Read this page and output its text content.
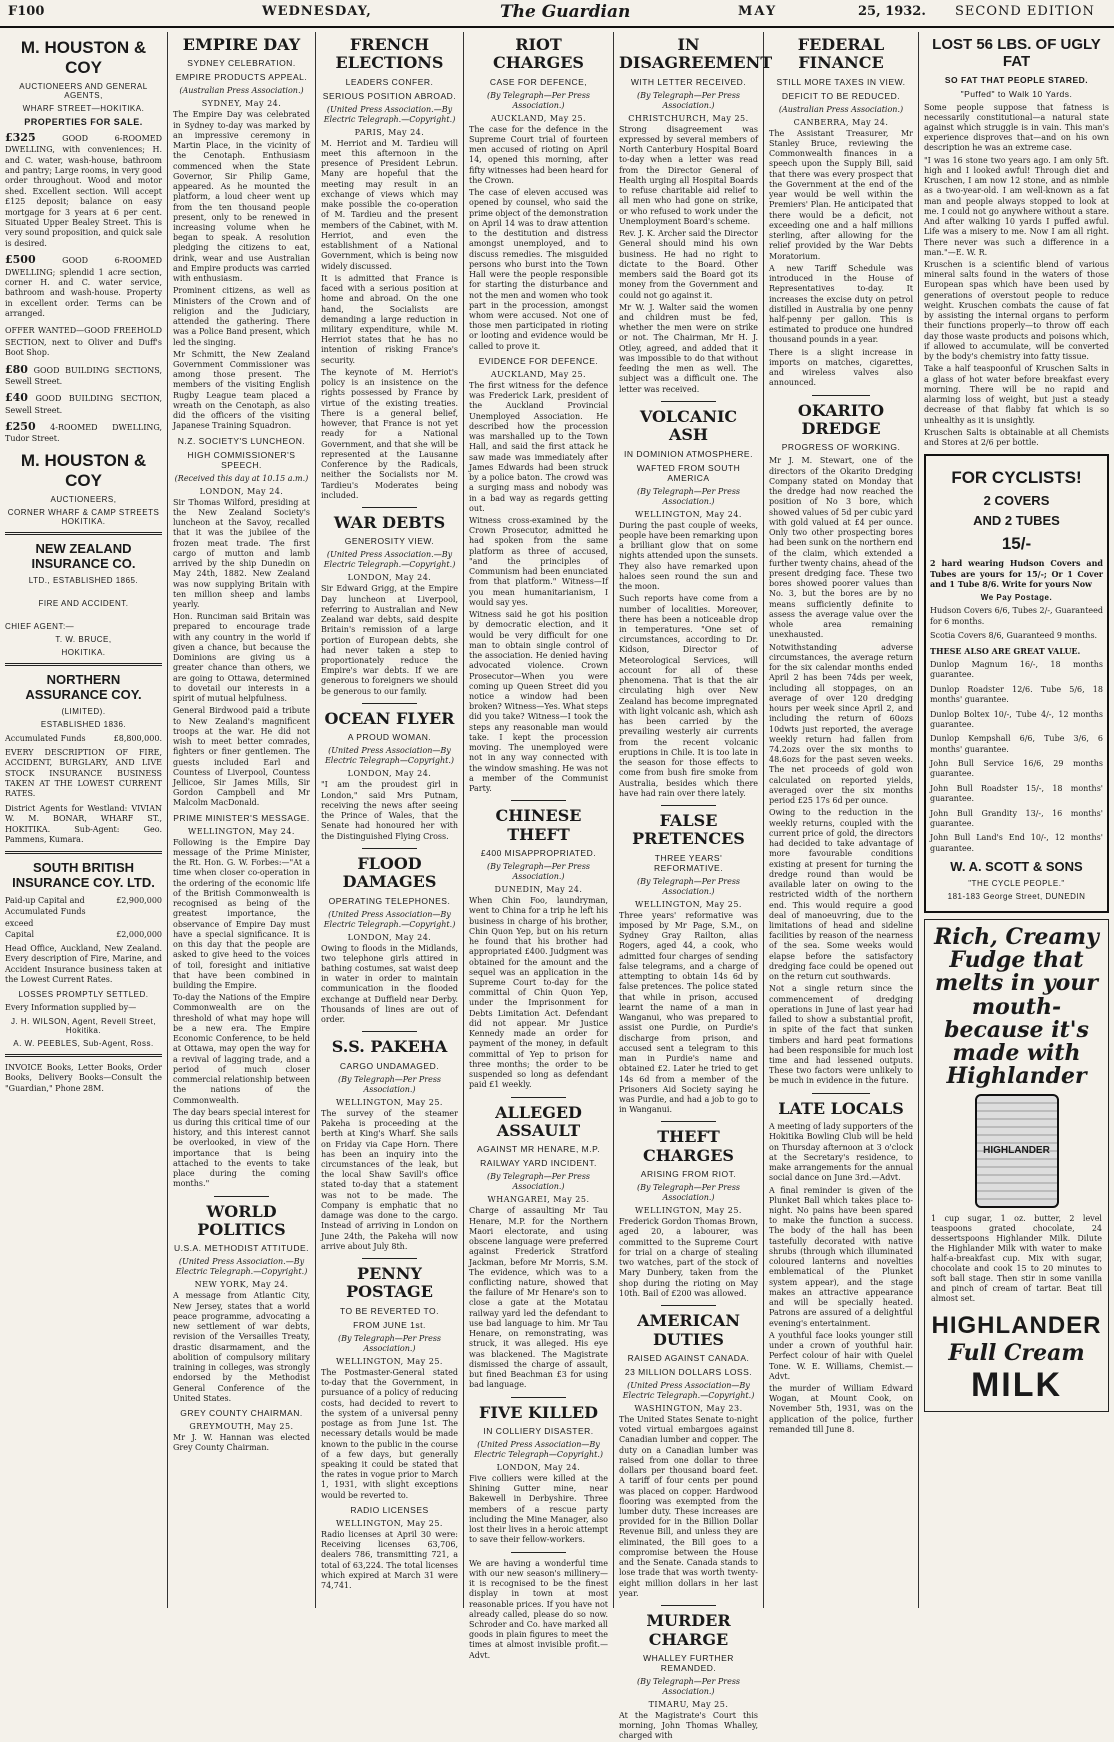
F100	WEDNESDAY,	The Guardian	MAY	25, 1932. SECOND EDITION
M. HOUSTON & COY
AUCTIONEERS AND GENERAL AGENTS,
WHARF STREET—HOKITIKA.
PROPERTIES FOR SALE.
£325	GOOD 6-ROOMED DWELLING, with conveniences; H. and C. water, wash-house, bathroom and pantry; Large rooms, in very good order throughout. Wood and motor shed. Excellent section. Will accept £125 deposit; balance on easy mortgage for 3 years at 6 per cent. Situated Upper Bealey Street. This is very sound proposition, and quick sale is desired.
£500	GOOD 6-ROOMED DWELLING; splendid 1 acre section, corner H. and C. water service, bathroom and wash-house. Property in excellent order. Terms can be arranged.
OFFER WANTED—GOOD FREEHOLD SECTION, next to Oliver and Duff's Boot Shop.
£80 GOOD BUILDING SECTIONS, Sewell Street.
£40 GOOD BUILDING SECTION, Sewell Street.
£250 4-ROOMED DWELLING, Tudor Street.
M. HOUSTON & COY
AUCTIONEERS,
CORNER WHARF & CAMP STREETS HOKITIKA.
NEW ZEALAND INSURANCE CO.
LTD., ESTABLISHED 1865.
FIRE AND ACCIDENT.
CHIEF AGENT:—
T. W. BRUCE,
HOKITIKA.
NORTHERN ASSURANCE COY.
(LIMITED).
ESTABLISHED 1836.
Accumulated Funds	£8,800,000.
EVERY DESCRIPTION OF FIRE, ACCIDENT, BURGLARY, AND LIVE STOCK INSURANCE BUSINESS TAKEN AT THE LOWEST CURRENT RATES.
District Agents for Westland: VIVIAN W. M. BONAR, WHARF ST., HOKITIKA. Sub-Agent: Geo. Pammens, Kumara.
SOUTH BRITISH INSURANCE COY. LTD.
Paid-up Capital and Accumulated Funds exceed
£2,900,000
Capital	£2,000,000
Head Office, Auckland, New Zealand. Every description of Fire, Marine, and Accident Insurance business taken at the Lowest Current Rates.
LOSSES PROMPTLY SETTLED.
Every Information supplied by—
J. H. WILSON, Agent, Revell Street, Hokitika.
A. W. PEEBLES, Sub-Agent, Ross.
INVOICE Books, Letter Books, Order Books, Delivery Books—Consult the "Guardian," Phone 28M.
EMPIRE DAY
SYDNEY CELEBRATION.
EMPIRE PRODUCTS APPEAL.
(Australian Press Association.)
SYDNEY, May 24.
The Empire Day was celebrated in Sydney to-day was marked by an impressive ceremony in Martin Place, in the vicinity of the Cenotaph. Enthusiasm commenced when the State Governor, Sir Philip Game, appeared. As he mounted the platform, a loud cheer went up from the ten thousand people present, only to be renewed in increasing volume when he began to speak. A resolution pledging the citizens to eat, drink, wear and use Australian and Empire products was carried with enthusiasm.
Prominent citizens, as well as Ministers of the Crown and of religion and the Judiciary, attended the gathering. There was a Police Band present, which led the singing.
Mr Schmitt, the New Zealand Government Commissioner was among those present. The members of the visiting English Rugby League team placed a wreath on the Cenotaph, as also did the officers of the visiting Japanese Training Squadron.
N.Z. SOCIETY'S LUNCHEON.
HIGH COMMISSIONER'S SPEECH.
(Received this day at 10.15 a.m.)
LONDON, May 24.
Sir Thomas Wilford, presiding at the New Zealand Society's luncheon at the Savoy, recalled that it was the jubilee of the frozen meat trade. The first cargo of mutton and lamb arrived by the ship Dunedin on May 24th, 1882. New Zealand was now supplying Britain with ten million sheep and lambs yearly.
Hon. Runciman said Britain was prepared to encourage trade with any country in the world if given a chance, but because the Dominions are giving us a greater chance than others, we are going to Ottawa, determined to dovetail our interests in a spirit of mutual helpfulness.
General Birdwood paid a tribute to New Zealand's magnificent troops at the war. He did not wish to meet better comrades, fighters or finer gentlemen. The guests included Earl and Countess of Liverpool, Countess Jellicoe, Sir James Mills, Sir Gordon Campbell and Mr Malcolm MacDonald.
PRIME MINISTER'S MESSAGE.
WELLINGTON, May 24.
Following is the Empire Day message of the Prime Minister, the Rt. Hon. G. W. Forbes:—"At a time when closer co-operation in the ordering of the economic life of the British Commonwealth is recognised as being of the greatest importance, the observance of Empire Day must have a special significance. It is on this day that the people are asked to give heed to the voices of toil, foresight and initiative that have been combined in building the Empire.
To-day the Nations of the Empire Commonwealth are on the threshold of what may hope will be a new era. The Empire Economic Conference, to be held at Ottawa, may open the way for a revival of lagging trade, and a period of much closer commercial relationship between the nations of the Commonwealth.
The day bears special interest for us during this critical time of our history, and this interest cannot be overlooked, in view of the importance that is being attached to the events to take place during the coming months."
WORLD POLITICS
U.S.A. METHODIST ATTITUDE.
(United Press Association.—By Electric Telegraph.—Copyright.)
NEW YORK, May 24.
A message from Atlantic City, New Jersey, states that a world peace programme, advocating a new settlement of war debts, revision of the Versailles Treaty, drastic disarmament, and the abolition of compulsory military training in colleges, was strongly endorsed by the Methodist General Conference of the United States.
GREY COUNTY CHAIRMAN.
GREYMOUTH, May 25.
Mr J. W. Hannan was elected Grey County Chairman.
FRENCH ELECTIONS
LEADERS CONFER.
SERIOUS POSITION ABROAD.
(United Press Association.—By Electric Telegraph.—Copyright.)
PARIS, May 24.
M. Herriot and M. Tardieu will meet this afternoon in the presence of President Lebrun. Many are hopeful that the meeting may result in an exchange of views which may make possible the co-operation of M. Tardieu and the present members of the Cabinet, with M. Herriot, and even the establishment of a National Government, which is being now widely discussed.
It is admitted that France is faced with a serious position at home and abroad. On the one hand, the Socialists are demanding a large reduction in military expenditure, while M. Herriot states that he has no intention of risking France's security.
The keynote of M. Herriot's policy is an insistence on the rights possessed by France by virtue of the existing treaties. There is a general belief, however, that France is not yet ready for a National Government, and that she will be represented at the Lausanne Conference by the Radicals, neither the Socialists nor M. Tardieu's Moderates being included.
WAR DEBTS
GENEROSITY VIEW.
(United Press Association.—By Electric Telegraph.—Copyright.)
LONDON, May 24.
Sir Edward Grigg, at the Empire Day luncheon at Liverpool, referring to Australian and New Zealand war debts, said despite Britain's remission of a large portion of European debts, she had never taken a step to proportionately reduce the Empire's war debts. If we are generous to foreigners we should be generous to our family.
OCEAN FLYER
A PROUD WOMAN.
(United Press Association—By Electric Telegraph—Copyright.)
LONDON, May 24.
"I am the proudest girl in London," said Mrs Putnam, receiving the news after seeing the Prince of Wales, that the Senate had honoured her with the Distinguished Flying Cross.
FLOOD DAMAGES
OPERATING TELEPHONES.
(United Press Association—By Electric Telegraph.—Copyright.)
LONDON, May 24.
Owing to floods in the Midlands, two telephone girls attired in bathing costumes, sat waist deep in water in order to maintain communication in the flooded exchange at Duffield near Derby. Thousands of lines are out of order.
S.S. PAKEHA
CARGO UNDAMAGED.
(By Telegraph—Per Press Association.)
WELLINGTON, May 25.
The survey of the steamer Pakeha is proceeding at the berth at King's Wharf. She sails on Friday via Cape Horn. There has been an inquiry into the circumstances of the leak, but the local Shaw Savill's office stated to-day that a statement was not to be made. The Company is emphatic that no damage was done to the cargo. Instead of arriving in London on June 24th, the Pakeha will now arrive about July 8th.
PENNY POSTAGE
TO BE REVERTED TO.
FROM JUNE 1st.
(By Telegraph—Per Press Association.)
WELLINGTON, May 25.
The Postmaster-General stated to-day that the Government, in pursuance of a policy of reducing costs, had decided to revert to the system of a universal penny postage as from June 1st. The necessary details would be made known to the public in the course of a few days, but generally speaking it could be stated that the rates in vogue prior to March 1, 1931, with slight exceptions would be reverted to.
RADIO LICENSES
WELLINGTON, May 25.
Radio licenses at April 30 were: Receiving licenses 63,706, dealers 786, transmitting 721, a total of 63,224. The total licenses which expired at March 31 were 74,741.
RIOT CHARGES
CASE FOR DEFENCE,
(By Telegraph—Per Press Association.)
AUCKLAND, May 25.
The case for the defence in the Supreme Court trial of fourteen men accused of rioting on April 14, opened this morning, after fifty witnesses had been heard for the Crown.
The case of eleven accused was opened by counsel, who said the prime object of the demonstration on April 14 was to draw attention to the destitution and distress amongst unemployed, and to discuss remedies. The misguided persons who burst into the Town Hall were the people responsible for starting the disturbance and not the men and women who took part in the procession, amongst whom were accused. Not one of those men participated in rioting or looting and evidence would be called to prove it.
EVIDENCE FOR DEFENCE.
AUCKLAND, May 25.
The first witness for the defence was Frederick Lark, president of the Auckland Provincial Unemployed Association. He described how the procession was marshalled up to the Town Hall, and said the first attack he saw made was immediately after James Edwards had been struck by a police baton. The crowd was a surging mass and nobody was in a bad way as regards getting out.
Witness cross-examined by the Crown Prosecutor, admitted he had spoken from the same platform as three of accused, "and the principles of Communism had been enunciated from that platform." Witness—If you mean humanitarianism, I would say yes.
Witness said he got his position by democratic election, and it would be very difficult for one man to obtain single control of the association. He denied having advocated violence. Crown Prosecutor—When you were coming up Queen Street did you notice a window had been broken? Witness—Yes. What steps did you take? Witness—I took the steps any reasonable man would take. I kept the procession moving. The unemployed were not in any way connected with the window smashing. He was not a member of the Communist Party.
CHINESE THEFT
£400 MISAPPROPRIATED.
(By Telegraph—Per Press Association.)
DUNEDIN, May 24.
When Chin Foo, laundryman, went to China for a trip he left his business in charge of his brother, Chin Quon Yep, but on his return he found that his brother had appropriated £400. Judgment was obtained for the amount and the sequel was an application in the Supreme Court to-day for the committal of Chin Quon Yep, under the Imprisonment for Debts Limitation Act. Defendant did not appear. Mr Justice Kennedy made an order for payment of the money, in default committal of Yep to prison for three months; the order to be suspended so long as defendant paid £1 weekly.
ALLEGED ASSAULT
AGAINST MR HENARE, M.P.
RAILWAY YARD INCIDENT.
(By Telegraph—Per Press Association.)
WHANGAREI, May 25.
Charge of assaulting Mr Tau Henare, M.P. for the Northern Maori electorate, and using obscene language were preferred against Frederick Stratford Jackman, before Mr Morris, S.M. The evidence, which was to a conflicting nature, showed that the failure of Mr Henare's son to close a gate at the Motatau railway yard led the defendant to use bad language to him. Mr Tau Henare, on remonstrating, was struck, it was alleged. His eye was blackened. The Magistrate dismissed the charge of assault, but fined Beachman £3 for using bad language.
FIVE KILLED
IN COLLIERY DISASTER.
(United Press Association—By Electric Telegraph—Copyright.)
LONDON, May 24.
Five colliers were killed at the Shining Gutter mine, near Bakewell in Derbyshire. Three members of a rescue party including the Mine Manager, also lost their lives in a heroic attempt to save their fellow-workers.
We are having a wonderful time with our new season's millinery—it is recognised to be the finest display in town at most reasonable prices. If you have not already called, please do so now. Schroder and Co. have marked all goods in plain figures to meet the times at almost invisible profit.—Advt.
IN DISAGREEMENT
WITH LETTER RECEIVED.
(By Telegraph—Per Press Association.)
CHRISTCHURCH, May 25.
Strong disagreement was expressed by several members of North Canterbury Hospital Board to-day when a letter was read from the Director General of Health urging all Hospital Boards to refuse charitable aid relief to all men who had gone on strike, or who refused to work under the Unemployment Board's scheme.
Rev. J. K. Archer said the Director General should mind his own business. He had no right to dictate to the Board. Other members said the Board got its money from the Government and could not go against it.
Mr W. J. Walter said the women and children must be fed, whether the men were on strike or not. The Chairman, Mr H. J. Otley, agreed, and added that it was impossible to do that without feeding the men as well. The subject was a difficult one. The letter was received.
VOLCANIC ASH
IN DOMINION ATMOSPHERE.
WAFTED FROM SOUTH AMERICA
(By Telegraph—Per Press Association.)
WELLINGTON, May 24.
During the past couple of weeks, people have been remarking upon a brilliant glow that on some nights attended upon the sunsets. They also have remarked upon haloes seen round the sun and the moon.
Such reports have come from a number of localities. Moreover, there has been a noticeable drop in temperatures. "One set of circumstances, according to Dr. Kidson, Director of Meteorological Services, will account for all of these phenomena. That is that the air circulating high over New Zealand has become impregnated with light volcanic ash, which ash has been carried by the prevailing westerly air currents from the recent volcanic eruptions in Chile. It is too late in the season for those effects to come from bush fire smoke from Australia, besides which there have had rain over there lately.
FALSE PRETENCES
THREE YEARS' REFORMATIVE.
(By Telegraph—Per Press Association.)
WELLINGTON, May 25.
Three years' reformative was imposed by Mr Page, S.M., on Sydney Gray Railton, alias Rogers, aged 44, a cook, who admitted four charges of sending false telegrams, and a charge of attempting to obtain 14s 6d by false pretences. The police stated that while in prison, accused learnt the name of a man in Wanganui, who was prepared to assist one Purdie, on Purdie's discharge from prison, and accused sent a telegram to this man in Purdie's name and obtained £2. Later he tried to get 14s 6d from a member of the Prisoners Aid Society saying he was Purdie, and had a job to go to in Wanganui.
THEFT CHARGES
ARISING FROM RIOT.
(By Telegraph—Per Press Association.)
WELLINGTON, May 25.
Frederick Gordon Thomas Brown, aged 20, a labourer, was committed to the Supreme Court for trial on a charge of stealing two watches, part of the stock of Mary Dunbery, taken from the shop during the rioting on May 10th. Bail of £200 was allowed.
AMERICAN DUTIES
RAISED AGAINST CANADA.
23 MILLION DOLLARS LOSS.
(United Press Association—By Electric Telegraph.—Copyright.)
WASHINGTON, May 23.
The United States Senate to-night voted virtual embargoes against Canadian lumber and copper. The duty on a Canadian lumber was raised from one dollar to three dollars per thousand board feet. A tariff of four cents per pound was placed on copper. Hardwood flooring was exempted from the lumber duty. These increases are provided for in the Billion Dollar Revenue Bill, and unless they are eliminated, the Bill goes to a compromise between the House and the Senate. Canada stands to lose trade that was worth twenty-eight million dollars in her last year.
MURDER CHARGE
WHALLEY FURTHER REMANDED.
(By Telegraph—Per Press Association.)
TIMARU, May 25.
At the Magistrate's Court this morning, John Thomas Whalley, charged with
FEDERAL FINANCE
STILL MORE TAXES IN VIEW.
DEFICIT TO BE REDUCED.
(Australian Press Association.)
CANBERRA, May 24.
The Assistant Treasurer, Mr Stanley Bruce, reviewing the Commonwealth finances in a speech upon the Supply Bill, said that there was every prospect that the Government at the end of the year would be well within the Premiers' Plan. He anticipated that there would be a deficit, not exceeding one and a half millions sterling, after allowing for the relief provided by the War Debts Moratorium.
A new Tariff Schedule was introduced in the House of Representatives to-day. It increases the excise duty on petrol distilled in Australia by one penny half-penny per gallon. This is estimated to produce one hundred thousand pounds in a year.
There is a slight increase in imports on matches, cigarettes, and wireless valves also announced.
OKARITO DREDGE
PROGRESS OF WORKING.
Mr J. M. Stewart, one of the directors of the Okarito Dredging Company stated on Monday that the dredge had now reached the position of No 3 bore, which showed values of 5d per cubic yard with gold valued at £4 per ounce. Only two other prospecting bores had been sunk on the northern end of the claim, which extended a further twenty chains, ahead of the present dredging face. These two bores showed poorer values than No. 3, but the bores are by no means sufficiently definite to assess the average value over the whole area remaining unexhausted.
Notwithstanding adverse circumstances, the average return for the six calendar months ended April 2 has been 74ds per week, including all stoppages, on an average of over 120 dredging hours per week since April 2, and including the return of 60ozs 10dwts just reported, the average weekly return had fallen from 74.2ozs over the six months to 48.6ozs for the past seven weeks. The net proceeds of gold won calculated on reported yields, averaged over the six months period £25 17s 6d per ounce.
Owing to the reduction in the weekly returns, coupled with the current price of gold, the directors had decided to take advantage of more favourable conditions existing at present for turning the dredge round than would be available later on owing to the restricted width of the northern end. This would require a good deal of manoeuvring, due to the limitations of head and sideline facilities by reason of the nearness of the sea. Some weeks would elapse before the satisfactory dredging face could be opened out on the return cut southwards.
Not a single return since the commencement of dredging operations in June of last year had failed to show a substantial profit, in spite of the fact that sunken timbers and hard peat formations had been responsible for much lost time and had lessened outputs. These two factors were unlikely to be much in evidence in the future.
LATE LOCALS
A meeting of lady supporters of the Hokitika Bowling Club will be held on Thursday afternoon at 3 o'clock at the Secretary's residence, to make arrangements for the annual social dance on June 3rd.—Advt.
A final reminder is given of the Plunket Ball which takes place to-night. No pains have been spared to make the function a success. The body of the hall has been tastefully decorated with native shrubs (through which illuminated coloured lanterns and novelties emblematical of the Plunket system appear), and the stage makes an attractive appearance and will be specially heated. Patrons are assured of a delightful evening's entertainment.
A youthful face looks younger still under a crown of youthful hair. Perfect colour of hair with Quelel Tone. W. E. Williams, Chemist.—Advt.
the murder of William Edward Wogan, at Mount Cook, on November 5th, 1931, was on the application of the police, further remanded till June 8.
LOST 56 LBS. OF UGLY FAT
SO FAT THAT PEOPLE STARED.
"Puffed" to Walk 10 Yards.
Some people suppose that fatness is necessarily constitutional—a natural state against which struggle is in vain. This man's experience disproves that—and on his own description he was an extreme case.
"I was 16 stone two years ago. I am only 5ft. high and I looked awful! Through diet and Kruschen, I am now 12 stone, and as nimble as a two-year-old. I am well-known as a fat man and people always stopped to look at me. I could not go anywhere without a stare. And after walking 10 yards I puffed awful. Life was a misery to me. Now I am all right. There never was such a difference in a man."—E. W. R.
Kruschen is a scientific blend of various mineral salts found in the waters of those European spas which have been used by generations of overstout people to reduce weight. Kruschen combats the cause of fat by assisting the internal organs to perform their functions properly—to throw off each day those waste products and poisons which, if allowed to accumulate, will be converted by the body's chemistry into fatty tissue.
Take a half teaspoonful of Kruschen Salts in a glass of hot water before breakfast every morning. There will be no rapid and alarming loss of weight, but just a steady decrease of that flabby fat which is so unhealthy as it is unsightly.
Kruschen Salts is obtainable at all Chemists and Stores at 2/6 per bottle.
FOR CYCLISTS!
2 COVERS
AND 2 TUBES
15/-
2 hard wearing Hudson Covers and Tubes are yours for 15/-; Or 1 Cover and 1 Tube 8/6. Write for yours Now
We Pay Postage.
Hudson Covers 6/6, Tubes 2/-, Guaranteed for 6 months.
Scotia Covers 8/6, Guaranteed 9 months.
THESE ALSO ARE GREAT VALUE.
Dunlop Magnum 16/-, 18 months guarantee.
Dunlop Roadster 12/6. Tube 5/6, 18 months' guarantee.
Dunlop Boltex 10/-, Tube 4/-, 12 months guarantee.
Dunlop Kempshall 6/6, Tube 3/6, 6 months' guarantee.
John Bull Service 16/6, 29 months guarantee.
John Bull Roadster 15/-, 18 months' guarantee.
John Bull Grandity 13/-, 16 months' guarantee.
John Bull Land's End 10/-, 12 months' guarantee.
W. A. SCOTT & SONS
"THE CYCLE PEOPLE."
181-183 George Street, DUNEDIN
Rich, Creamy Fudge that melts in your mouth-because it's made with Highlander
HIGHLANDER
1 cup sugar, 1 oz. butter, 2 level teaspoons grated chocolate, 24 dessertspoons Highlander Milk. Dilute the Highlander Milk with water to make half-a-breakfast cup. Mix with sugar, chocolate and cook 15 to 20 minutes to soft ball stage. Then stir in some vanilla and pinch of cream of tartar. Beat till almost set.
HIGHLANDER
Full Cream
MILK
